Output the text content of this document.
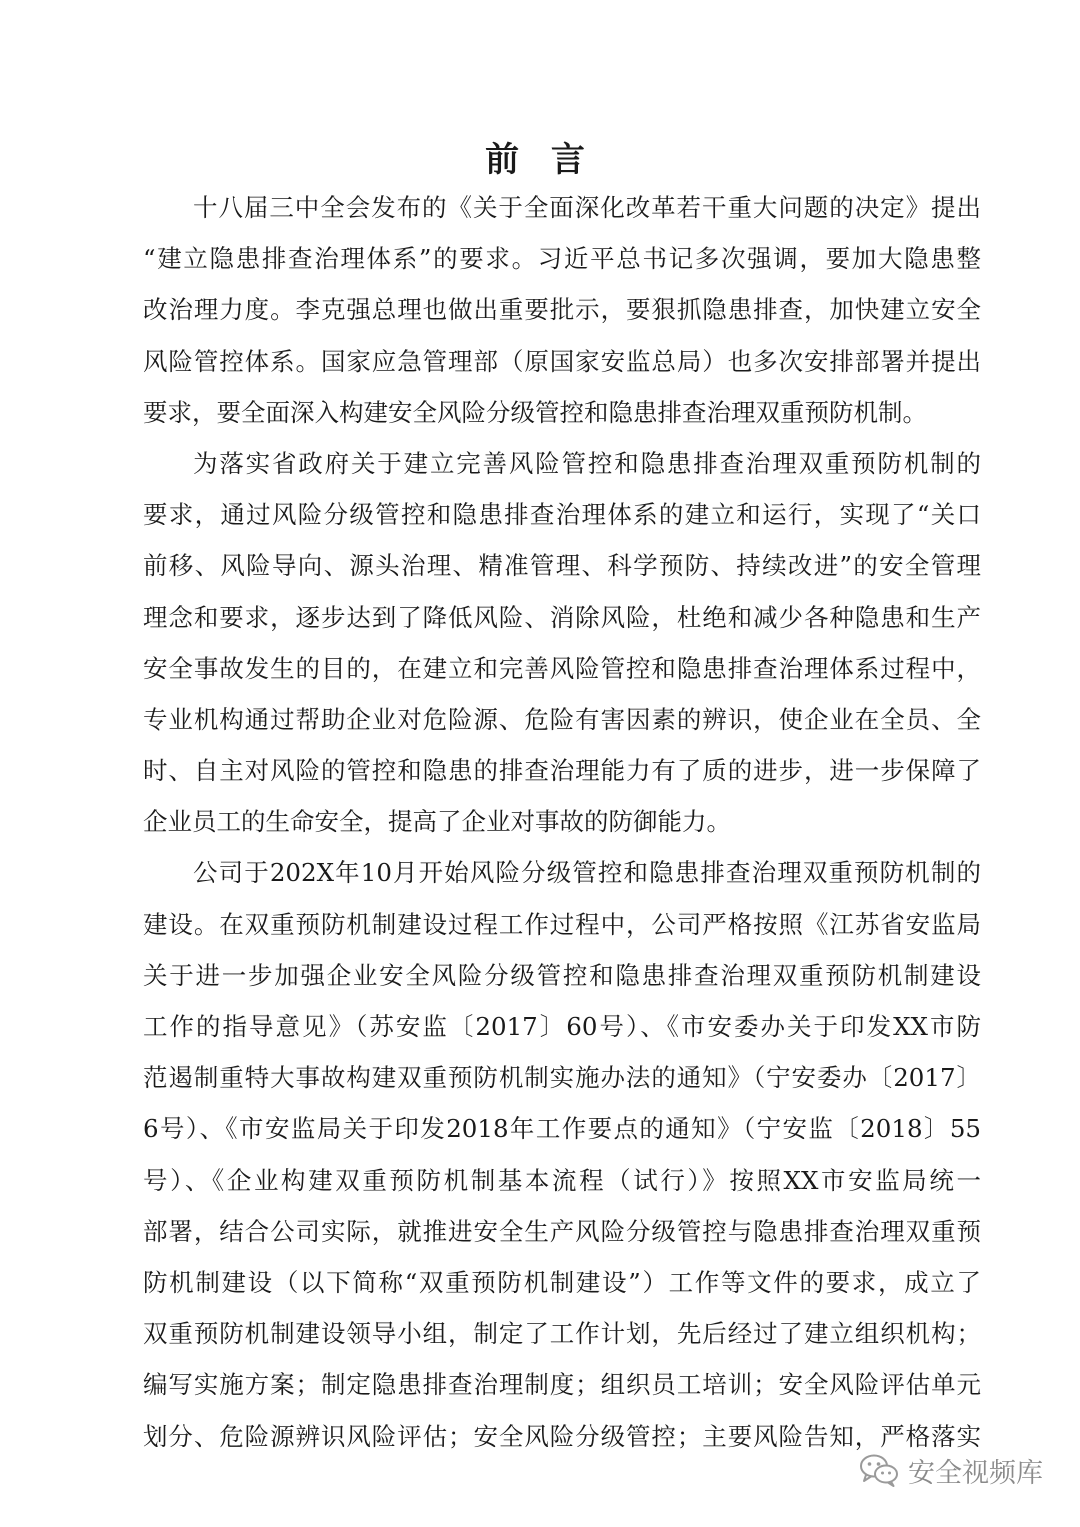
前 言
十八届三中全会发布的《关于全面深化改革若干重大问题的决定》提出
“建立隐患排查治理体系”的要求。习近平总书记多次强调，要加大隐患整
改治理力度。李克强总理也做出重要批示，要狠抓隐患排查，加快建立安全
风险管控体系。国家应急管理部（原国家安监总局）也多次安排部署并提出
要求，要全面深入构建安全风险分级管控和隐患排查治理双重预防机制。
为落实省政府关于建立完善风险管控和隐患排查治理双重预防机制的
要求，通过风险分级管控和隐患排查治理体系的建立和运行，实现了“关口
前移、风险导向、源头治理、精准管理、科学预防、持续改进”的安全管理
理念和要求，逐步达到了降低风险、消除风险，杜绝和减少各种隐患和生产
安全事故发生的目的，在建立和完善风险管控和隐患排查治理体系过程中，
专业机构通过帮助企业对危险源、危险有害因素的辨识，使企业在全员、全
时、自主对风险的管控和隐患的排查治理能力有了质的进步，进一步保障了
企业员工的生命安全，提高了企业对事故的防御能力。
公司于202X年10月开始风险分级管控和隐患排查治理双重预防机制的
建设。在双重预防机制建设过程工作过程中，公司严格按照《江苏省安监局
关于进一步加强企业安全风险分级管控和隐患排查治理双重预防机制建设
工作的指导意见》（苏安监〔2017〕60号）、《市安委办关于印发XX市防
范遏制重特大事故构建双重预防机制实施办法的通知》（宁安委办〔2017〕
6号）、《市安监局关于印发2018年工作要点的通知》（宁安监〔2018〕55
号）、《企业构建双重预防机制基本流程（试行）》按照XX市安监局统一
部署，结合公司实际，就推进安全生产风险分级管控与隐患排查治理双重预
防机制建设（以下简称“双重预防机制建设”）工作等文件的要求，成立了
双重预防机制建设领导小组，制定了工作计划，先后经过了建立组织机构；
编写实施方案；制定隐患排查治理制度；组织员工培训；安全风险评估单元
划分、危险源辨识风险评估；安全风险分级管控；主要风险告知，严格落实
安全视频库
